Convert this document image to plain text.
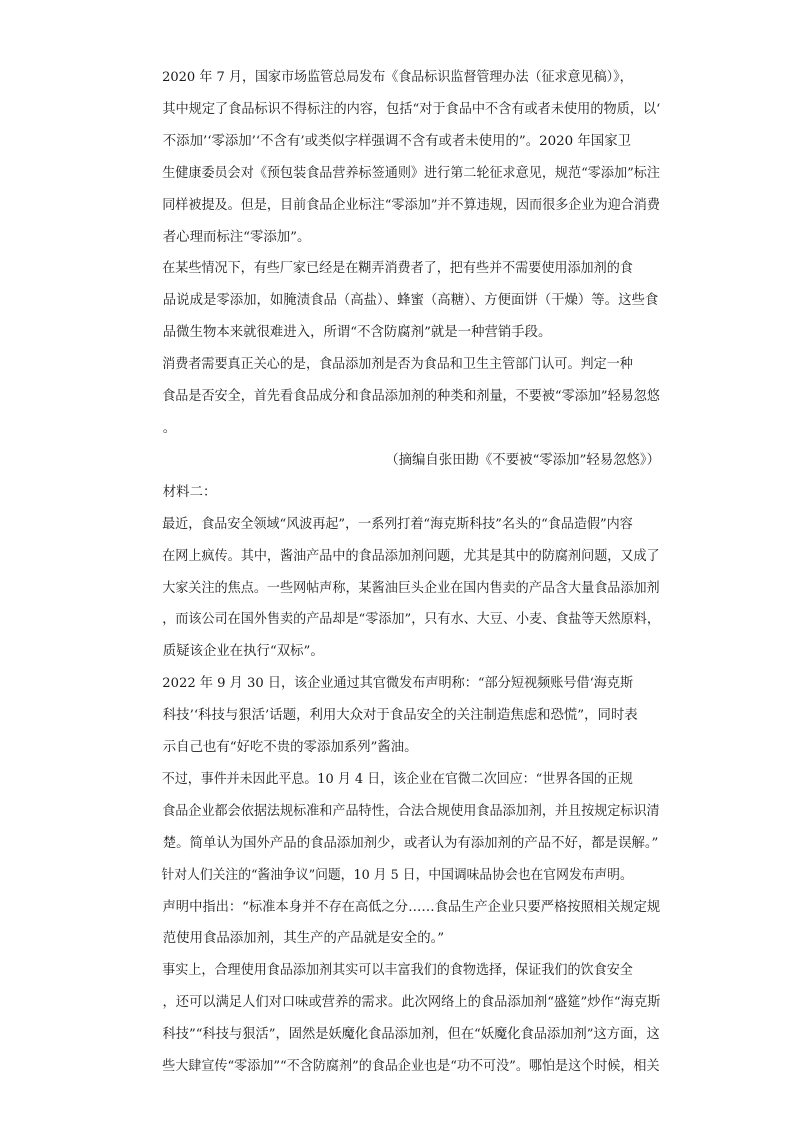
2020 年 7 月，国家市场监管总局发布《食品标识监督管理办法（征求意见稿）》，
其中规定了食品标识不得标注的内容，包括“对于食品中不含有或者未使用的物质，以‘
不添加’‘零添加’‘不含有’或类似字样强调不含有或者未使用的”。2020 年国家卫
生健康委员会对《预包装食品营养标签通则》进行第二轮征求意见，规范“零添加”标注
同样被提及。但是，目前食品企业标注“零添加”并不算违规，因而很多企业为迎合消费
者心理而标注“零添加”。

在某些情况下，有些厂家已经是在糊弄消费者了，把有些并不需要使用添加剂的食
品说成是零添加，如腌渍食品（高盐）、蜂蜜（高糖）、方便面饼（干燥）等。这些食
品微生物本来就很难进入，所谓“不含防腐剂”就是一种营销手段。

消费者需要真正关心的是，食品添加剂是否为食品和卫生主管部门认可。判定一种
食品是否安全，首先看食品成分和食品添加剂的种类和剂量，不要被“零添加”轻易忽悠
。

（摘编自张田勘《不要被“零添加”轻易忽悠》）

材料二：

最近，食品安全领域“风波再起”，一系列打着“海克斯科技”名头的“食品造假”内容
在网上疯传。其中，酱油产品中的食品添加剂问题，尤其是其中的防腐剂问题，又成了
大家关注的焦点。一些网帖声称，某酱油巨头企业在国内售卖的产品含大量食品添加剂
，而该公司在国外售卖的产品却是“零添加”，只有水、大豆、小麦、食盐等天然原料，
质疑该企业在执行“双标”。

2022 年 9 月 30 日，该企业通过其官微发布声明称：“部分短视频账号借‘海克斯
科技’‘科技与狠活’话题，利用大众对于食品安全的关注制造焦虑和恐慌”，同时表
示自己也有“好吃不贵的零添加系列”酱油。

不过，事件并未因此平息。10 月 4 日，该企业在官微二次回应：“世界各国的正规
食品企业都会依据法规标准和产品特性，合法合规使用食品添加剂，并且按规定标识清
楚。简单认为国外产品的食品添加剂少，或者认为有添加剂的产品不好，都是误解。”

针对人们关注的“酱油争议”问题，10 月 5 日，中国调味品协会也在官网发布声明。
声明中指出：“标准本身并不存在高低之分……食品生产企业只要严格按照相关规定规
范使用食品添加剂，其生产的产品就是安全的。”

事实上，合理使用食品添加剂其实可以丰富我们的食物选择，保证我们的饮食安全
，还可以满足人们对口味或营养的需求。此次网络上的食品添加剂“盛筵”炒作“海克斯
科技”“科技与狠活”，固然是妖魔化食品添加剂，但在“妖魔化食品添加剂”这方面，这
些大肆宣传“零添加”“不含防腐剂”的食品企业也是“功不可没”。哪怕是这个时候，相关
